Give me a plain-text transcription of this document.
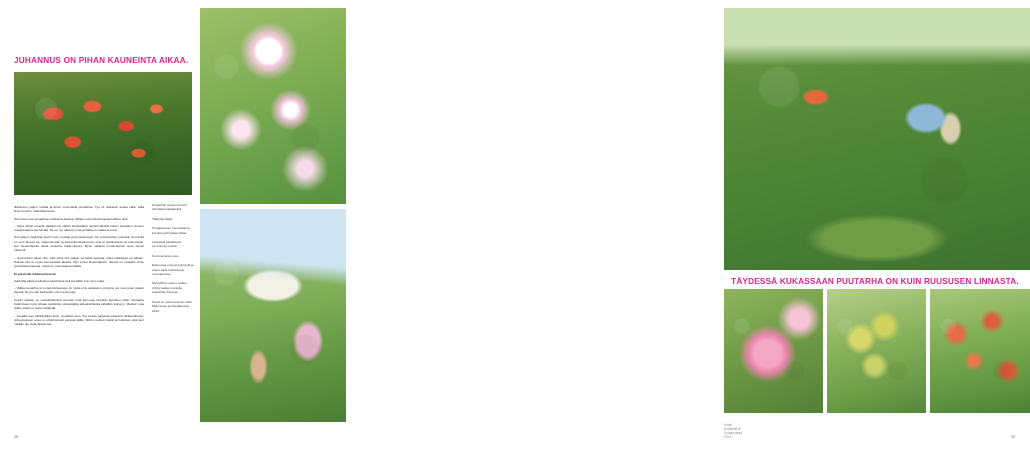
JUHANNUS ON PIHAN KAUNEINTA AIKAA.

Iltaisimme paljon multaa ja ahoin suunnitella puutarhaa. Työ oli raskasta, koska väliin väliä kivimur kiviin, Galli-Maj kertoo.

Hän kammosti puutarhaa mietkemä kanssa. Mitään suunnitteluloppaa heillä ei ollut.

– Ideat tulivat omasta päästäni ja vähän lehdestäkin. Ensimmäisiksi istutin portaiden viereen noejarasapervoperunaila. Ne on nyt näivetty poia ja tilalla on vaaka-si-reeni.

Heti alkuun Gali-Maj istutti myös runsaja ja komealo-kojii. Ne ovat hänelle työherkä. Suunnilla on oma alueen-sa. Valonvarvaan ja lehvestinmetsä-ruusu ovat ja öykökoiseen-ai loistovasan, kun keveinrilpeltö vasta atutteloo kukki-vasssa. Myös nelikkat muodoskemii omat pienet niittynsä.

– Suunnitulin pihan niin, että siinä olisi paljon eri-laisia kasveja, jotka kukkiisvat eri aikaan. Halusin tän-ne myös keinomaisia aluetta. Niin syntyi laverinöljestö. Ikuusa on mutakiin simie joutuisteita kasveja, mutta ne ovat saaneet jäädä.

Ei puistvilla riikkaruuhesista

Galli-Maj alkaa puuhata puutarhassa heti keväällä, kun lumi sulaa.

– Viikka puutarha on jo täynnä kasveja, on multa ol-lu sekaisimu toiminta, jos moni jolen jotakin ihanaa. Nyt os-tan kadovakin vain perennoja.

Kesän mittaan on mielekkäitmiisa seurata, mitä kas-veja mirsäkin tapahtuu osliin. Puutarha lislaholvaa myös pihaan kerkkiviia otokulujalita aikuaksvillaistä pirkällän syksyyn. Melkein joka viikko siellä on uutta nähtävää.

– Kesällä teen pitkkäyliiljan asvit, loveiksiin teen. Kui tä-kaa paiseeta jokaiseta riikkaruohesta, Johannesleen ai-ka on ehdottomasti parasta täällä. Silloin melkein kaikki ja hukkivat, eikä juuri mikään ole vielä lakastunut.

Puutarhan tarvia renovoit virhuttaia kukkaketiyji.

Tättipuiki lukkii.

Hunajatuusen muodoslama komita porttii jakaa pihaa.

Lavestetti aloittelevat summinnoi-ruusia.

Summerwind-ruusu.

Elokuussa omenat kypsyvät ja enren aalto istuttetussa omenapuissa.

Myrkyllinen opium-unikko viihtyy kaiken puolella puutarhan kasveja.

Kuvat on otettu kesinen Galli-Majn kesä- ja heinäkuussa 2013.

38
TÄYDESSÄ KUKASSAAN PUUTARHA ON KUIN RUUSUSEN LINNASTA.
Kodin Kuvalehti ❤ Puutarhassa 2014	39
